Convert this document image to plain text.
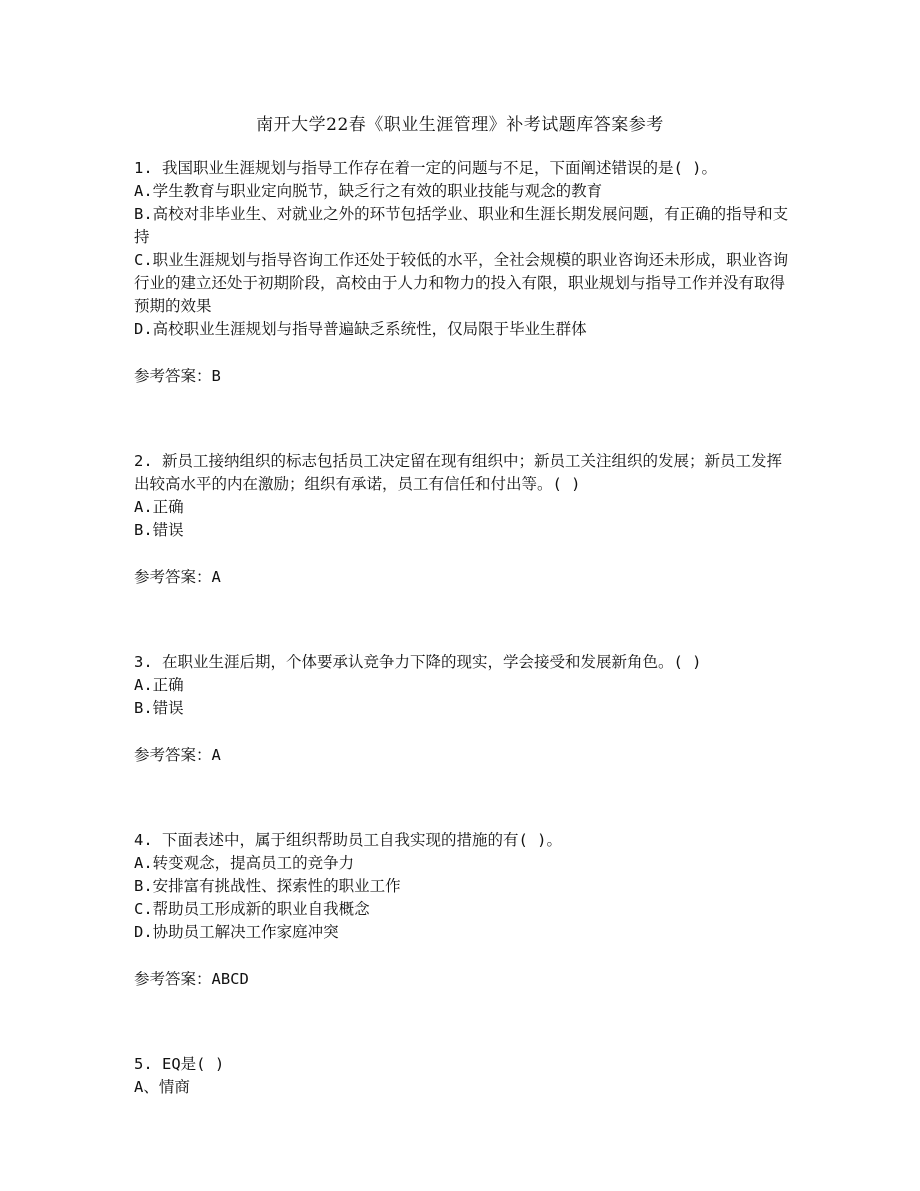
南开大学22春《职业生涯管理》补考试题库答案参考

1. 我国职业生涯规划与指导工作存在着一定的问题与不足，下面阐述错误的是( )。

A.学生教育与职业定向脱节，缺乏行之有效的职业技能与观念的教育

B.高校对非毕业生、对就业之外的环节包括学业、职业和生涯长期发展问题，有正确的指导和支持

C.职业生涯规划与指导咨询工作还处于较低的水平，全社会规模的职业咨询还未形成，职业咨询行业的建立还处于初期阶段，高校由于人力和物力的投入有限，职业规划与指导工作并没有取得预期的效果

D.高校职业生涯规划与指导普遍缺乏系统性，仅局限于毕业生群体

参考答案：B

2. 新员工接纳组织的标志包括员工决定留在现有组织中；新员工关注组织的发展；新员工发挥出较高水平的内在激励；组织有承诺，员工有信任和付出等。( )

A.正确

B.错误

参考答案：A

3. 在职业生涯后期，个体要承认竞争力下降的现实，学会接受和发展新角色。( )

A.正确

B.错误

参考答案：A

4. 下面表述中，属于组织帮助员工自我实现的措施的有( )。

A.转变观念，提高员工的竞争力

B.安排富有挑战性、探索性的职业工作

C.帮助员工形成新的职业自我概念

D.协助员工解决工作家庭冲突

参考答案：ABCD

5. EQ是( )

A、情商
